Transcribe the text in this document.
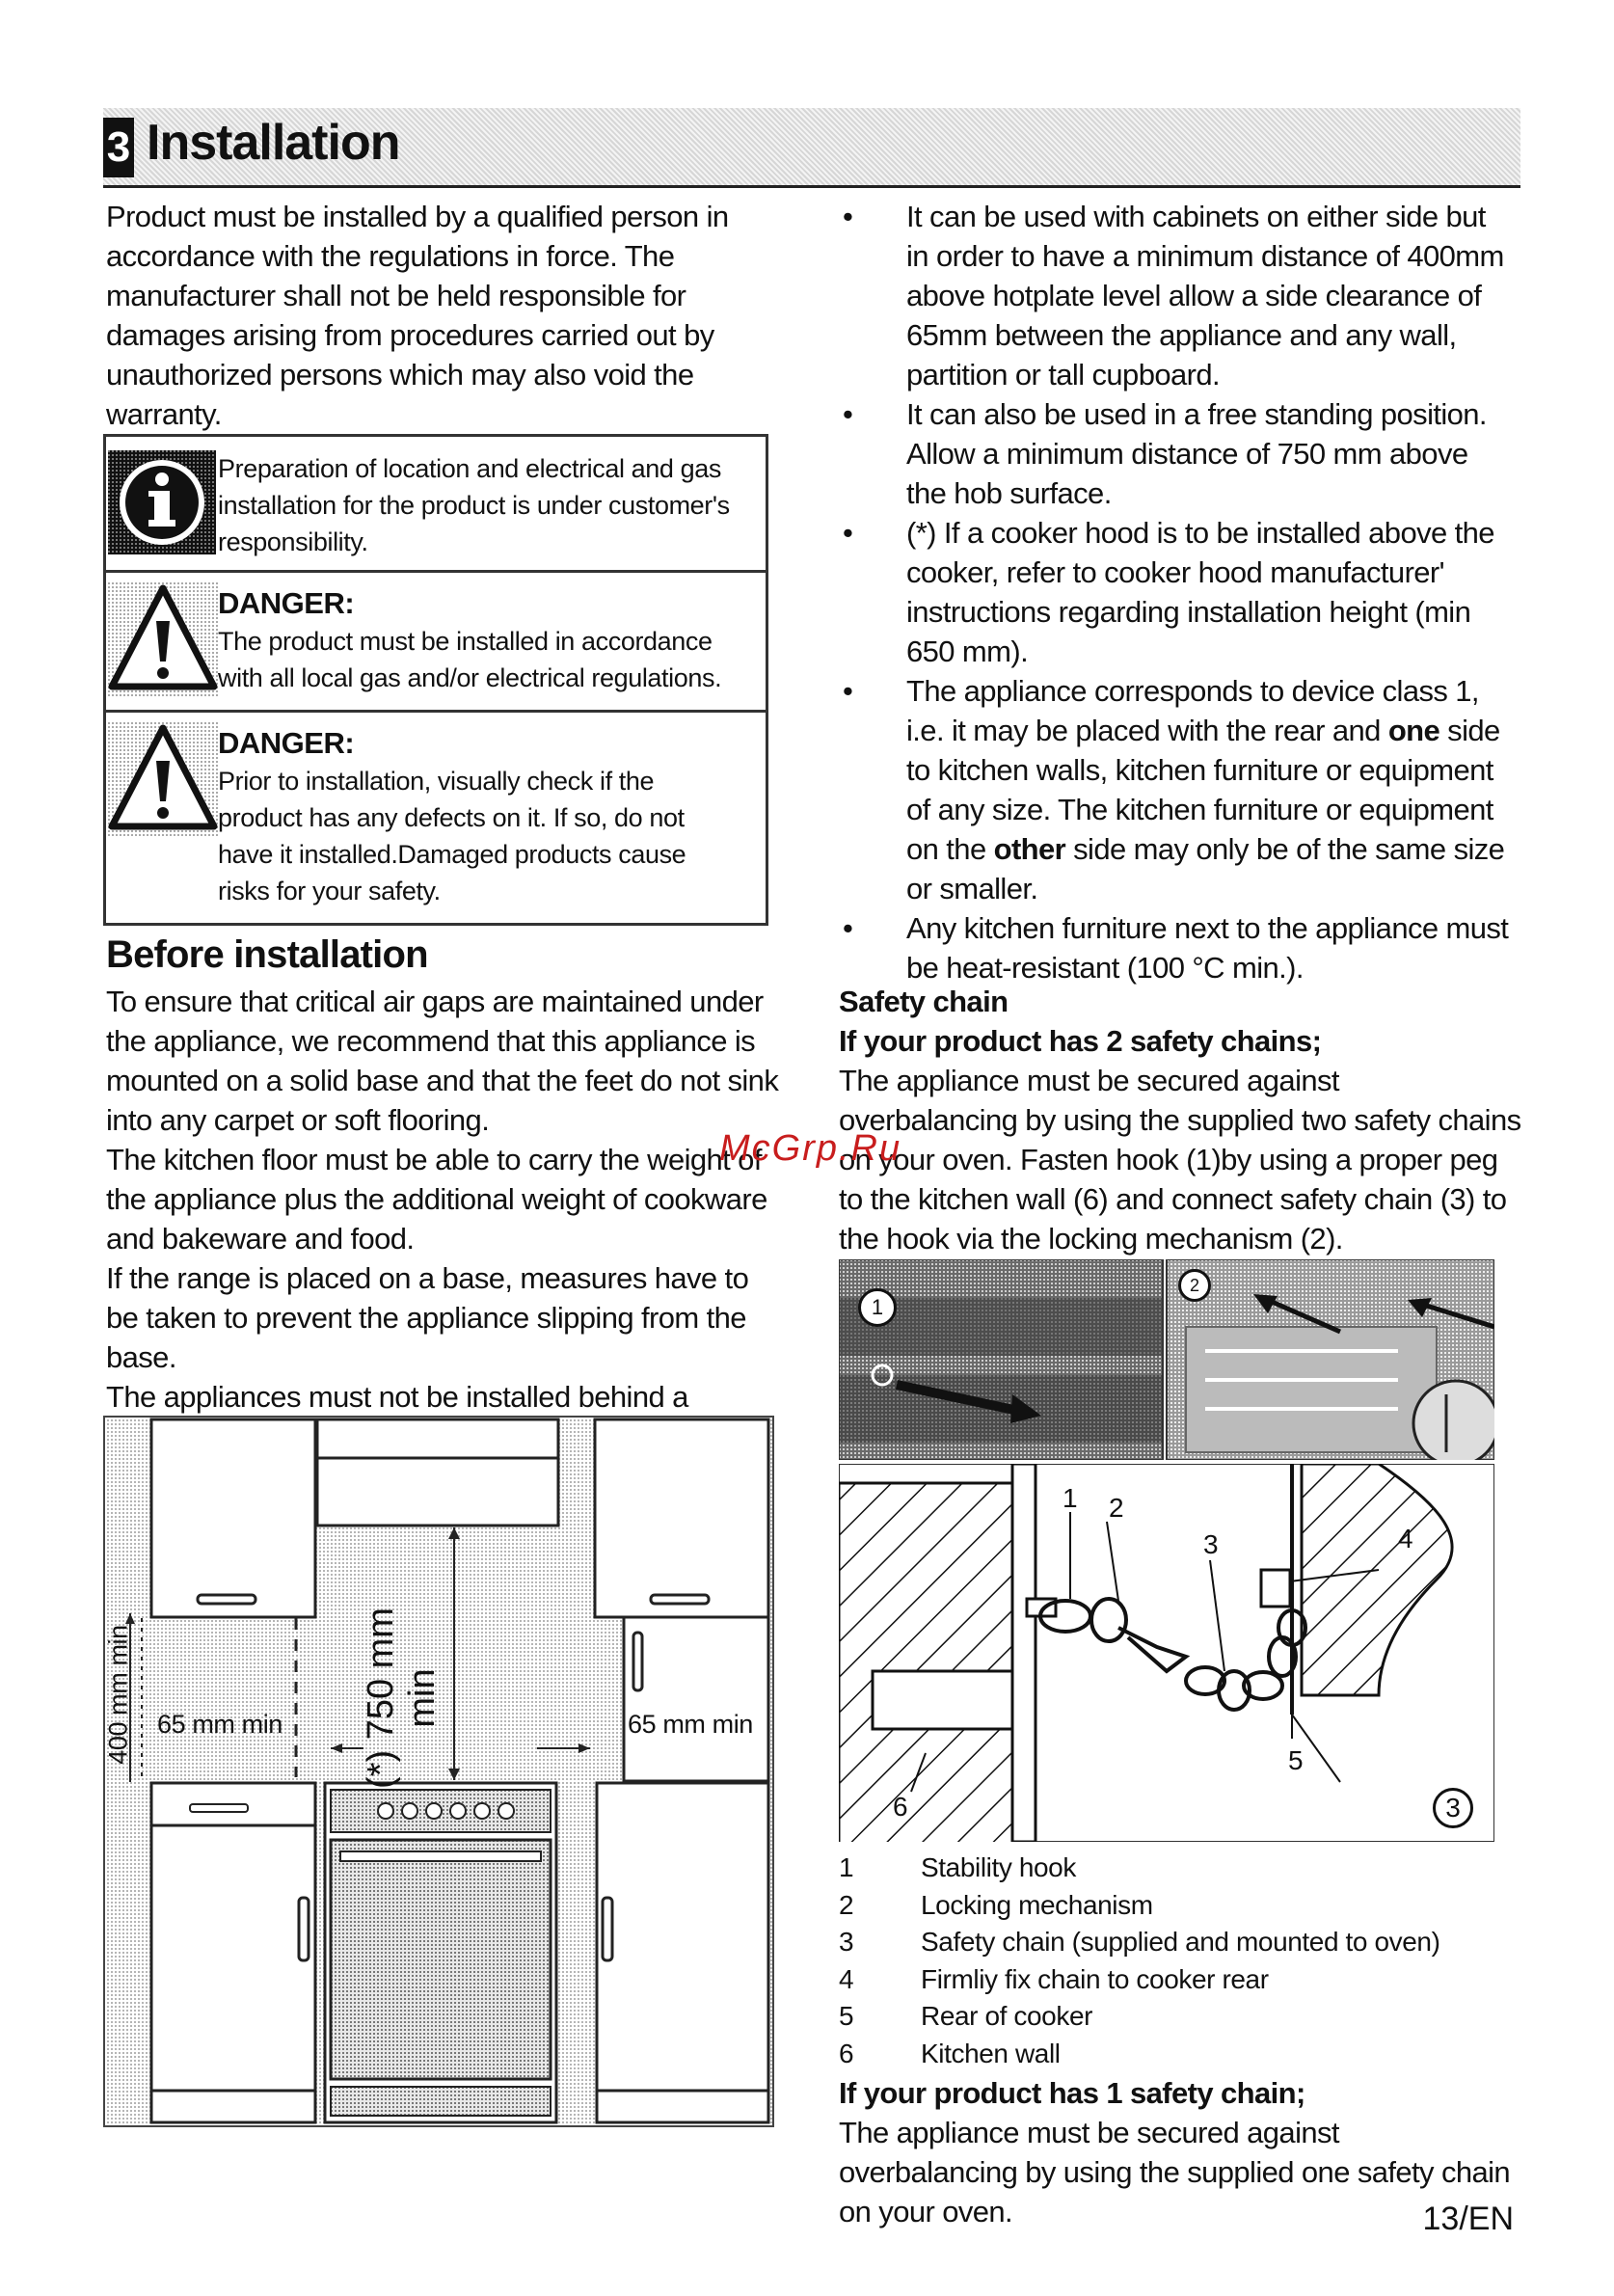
3 Installation
Product must be installed by a qualified person in accordance with the regulations in force. The manufacturer shall not be held responsible for damages arising from procedures carried out by unauthorized persons which may also void the warranty.
Preparation of location and electrical and gas installation for the product is under customer's responsibility.
DANGER:
The product must be installed in accordance with all local gas and/or electrical regulations.
DANGER:
Prior to installation, visually check if the product has any defects on it. If so, do not have it installed.Damaged products cause risks for your safety.
Before installation
To ensure that critical air gaps are maintained under the appliance, we recommend that this appliance is mounted on a solid base and that the feet do not sink into any carpet or soft flooring.
The kitchen floor must be able to carry the weight of the appliance plus the additional weight of cookware and bakeware and food.
If the range is placed on a base, measures have to be taken to prevent the appliance slipping from the base.
The appliances must not be installed behind a
65 mm min	65 mm min
400 mm min	(*) 750 mm min
• It can be used with cabinets on either side but in order to have a minimum distance of 400mm above hotplate level allow a side clearance of 65mm between the appliance and any wall, partition or tall cupboard.
• It can also be used in a free standing position. Allow a minimum distance of 750 mm above the hob surface.
• (*) If a cooker hood is to be installed above the cooker, refer to cooker hood manufacturer' instructions regarding installation height (min 650 mm).
• The appliance corresponds to device class 1, i.e. it may be placed with the rear and one side to kitchen walls, kitchen furniture or equipment of any size. The kitchen furniture or equipment on the other side may only be of the same size or smaller.
• Any kitchen furniture next to the appliance must be heat-resistant (100 °C min.).
Safety chain
If your product has 2 safety chains;
The appliance must be secured against overbalancing by using the supplied two safety chains on your oven. Fasten hook (1)by using a proper peg to the kitchen wall (6) and connect safety chain (3) to the hook via the locking mechanism (2).
1
2
1 2
3	4
5
6	3
1 Stability hook
2 Locking mechanism
3 Safety chain (supplied and mounted to oven)
4 Firmliy fix chain to cooker rear
5 Rear of cooker
6 Kitchen wall
If your product has 1 safety chain;
The appliance must be secured against overbalancing by using the supplied one safety chain on your oven.
McGrp.Ru
13/EN
